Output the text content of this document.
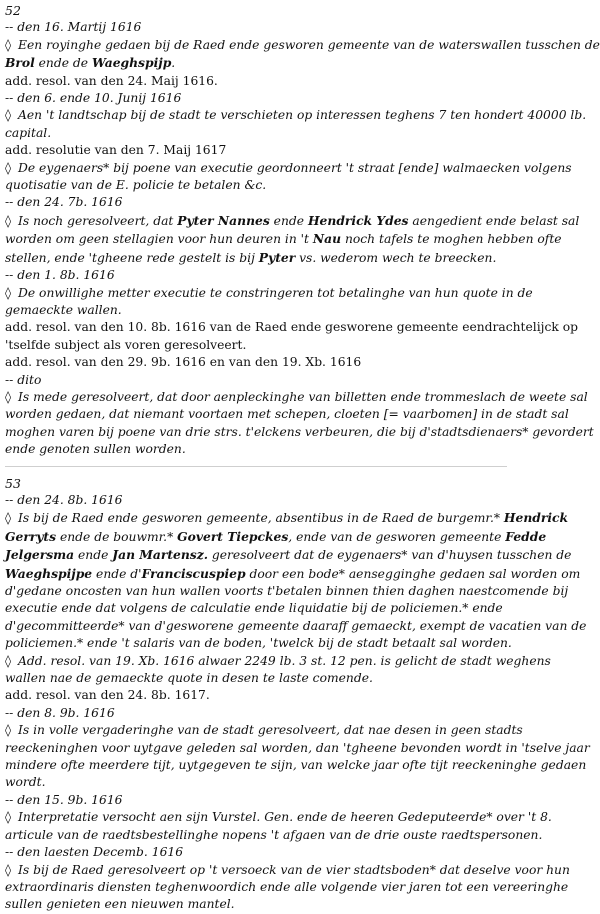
52
-- den 16. Martij 1616
◊ Een royinghe gedaen bij de Raed ende gesworen gemeente van de waterswallen tusschen de
Brol ende de Waeghspijp.
add. resol. van den 24. Maij 1616.
-- den 6. ende 10. Junij 1616
◊ Aen 't landtschap bij de stadt te verschieten op interessen teghens 7 ten hondert 40000 lb.
capital.
add. resolutie van den 7. Maij 1617
◊ De eygenaers* bij poene van executie geordonneert 't straat [ende] walmaecken volgens
quotisatie van de E. policie te betalen &c.
-- den 24. 7b. 1616
◊ Is noch geresolveert, dat Pyter Nannes ende Hendrick Ydes aengedient ende belast sal
worden om geen stellagien voor hun deuren in 't Nau noch tafels te moghen hebben ofte
stellen, ende 'tgheene rede gestelt is bij Pyter vs. wederom wech te breecken.
-- den 1. 8b. 1616
◊ De onwillighe metter executie te constringeren tot betalinghe van hun quote in de
gemaeckte wallen.
add. resol. van den 10. 8b. 1616 van de Raed ende gesworene gemeente eendrachtelijck op
'tselfde subject als voren geresolveert.
add. resol. van den 29. 9b. 1616 en van den 19. Xb. 1616
-- dito
◊ Is mede geresolveert, dat door aenpleckinghe van billetten ende trommeslach de weete sal
worden gedaen, dat niemant voortaen met schepen, cloeten [= vaarbomen] in de stadt sal
moghen varen bij poene van drie strs. t'elckens verbeuren, die bij d'stadtsdienaers* gevordert
ende genoten sullen worden.
53
-- den 24. 8b. 1616
◊ Is bij de Raed ende gesworen gemeente, absentibus in de Raed de burgemr.* Hendrick
Gerryts ende de bouwmr.* Govert Tiepckes, ende van de gesworen gemeente Fedde
Jelgersma ende Jan Martensz. geresolveert dat de eygenaers* van d'huysen tusschen de
Waeghspijpe ende d'Franciscuspiep door een bode* aensegginghe gedaen sal worden om
d'gedane oncosten van hun wallen voorts t'betalen binnen thien daghen naestcomende bij
executie ende dat volgens de calculatie ende liquidatie bij de policiemen.* ende
d'gecommitteerde* van d'gesworene gemeente daaraff gemaeckt, exempt de vacatien van de
policiemen.* ende 't salaris van de boden, 'twelck bij de stadt betaalt sal worden.
◊ Add. resol. van 19. Xb. 1616 alwaer 2249 lb. 3 st. 12 pen. is gelicht de stadt weghens
wallen nae de gemaeckte quote in desen te laste comende.
add. resol. van den 24. 8b. 1617.
-- den 8. 9b. 1616
◊ Is in volle vergaderinghe van de stadt geresolveert, dat nae desen in geen stadts
reeckeninghen voor uytgave geleden sal worden, dan 'tgheene bevonden wordt in 'tselve jaar
mindere ofte meerdere tijt, uytgegeven te sijn, van welcke jaar ofte tijt reeckeninghe gedaen
wordt.
-- den 15. 9b. 1616
◊ Interpretatie versocht aen sijn Vurstel. Gen. ende de heeren Gedeputeerde* over 't 8.
articule van de raedtsbestellinghe nopens 't afgaen van de drie ouste raedtspersonen.
-- den laesten Decemb. 1616
◊ Is bij de Raed geresolveert op 't versoeck van de vier stadtsboden* dat deselve voor hun
extraordinaris diensten teghenwoordich ende alle volgende vier jaren tot een vereeringhe
sullen genieten een nieuwen mantel.
